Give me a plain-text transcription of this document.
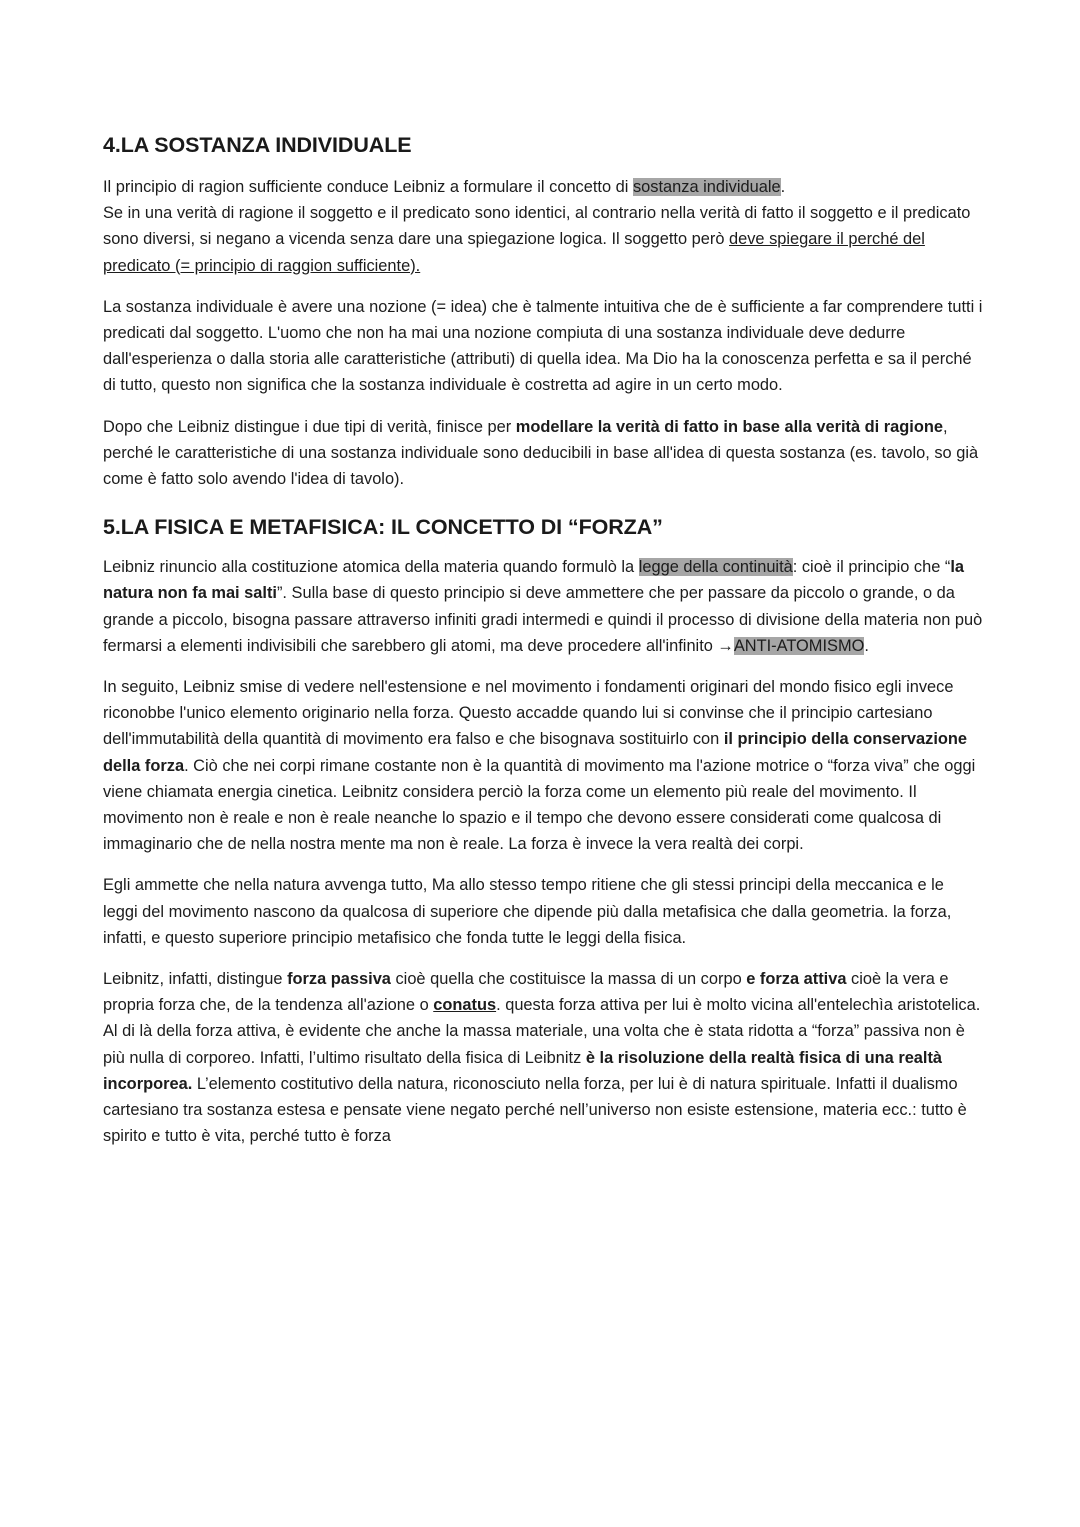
4.LA SOSTANZA INDIVIDUALE

Il principio di ragion sufficiente conduce Leibniz a formulare il concetto di sostanza individuale.

Se in una verità di ragione il soggetto e il predicato sono identici, al contrario nella verità di fatto il soggetto e il predicato sono diversi, si negano a vicenda senza dare una spiegazione logica. Il soggetto però deve spiegare il perché del predicato (= principio di raggion sufficiente).

La sostanza individuale è avere una nozione (= idea) che è talmente intuitiva che de è sufficiente a far comprendere tutti i predicati dal soggetto. L'uomo che non ha mai una nozione compiuta di una sostanza individuale deve dedurre dall'esperienza o dalla storia alle caratteristiche (attributi) di quella idea. Ma Dio ha la conoscenza perfetta e sa il perché di tutto, questo non significa che la sostanza individuale è costretta ad agire in un certo modo.

Dopo che Leibniz distingue i due tipi di verità, finisce per modellare la verità di fatto in base alla verità di ragione, perché le caratteristiche di una sostanza individuale sono deducibili in base all'idea di questa sostanza (es. tavolo, so già come è fatto solo avendo l'idea di tavolo).

5.LA FISICA E METAFISICA: IL CONCETTO DI “FORZA”

Leibniz rinuncio alla costituzione atomica della materia quando formulò la legge della continuità: cioè il principio che “la natura non fa mai salti”. Sulla base di questo principio si deve ammettere che per passare da piccolo o grande, o da grande a piccolo, bisogna passare attraverso infiniti gradi intermedi e quindi il processo di divisione della materia non può fermarsi a elementi indivisibili che sarebbero gli atomi, ma deve procedere all'infinito →ANTI-ATOMISMO.

In seguito, Leibniz smise di vedere nell'estensione e nel movimento i fondamenti originari del mondo fisico egli invece riconobbe l'unico elemento originario nella forza. Questo accadde quando lui si convinse che il principio cartesiano dell'immutabilità della quantità di movimento era falso e che bisognava sostituirlo con il principio della conservazione della forza. Ciò che nei corpi rimane costante non è la quantità di movimento ma l'azione motrice o “forza viva” che oggi viene chiamata energia cinetica. Leibnitz considera perciò la forza come un elemento più reale del movimento. Il movimento non è reale e non è reale neanche lo spazio e il tempo che devono essere considerati come qualcosa di immaginario che de nella nostra mente ma non è reale. La forza è invece la vera realtà dei corpi.

Egli ammette che nella natura avvenga tutto, Ma allo stesso tempo ritiene che gli stessi principi della meccanica e le leggi del movimento nascono da qualcosa di superiore che dipende più dalla metafisica che dalla geometria. la forza, infatti, e questo superiore principio metafisico che fonda tutte le leggi della fisica.

Leibnitz, infatti, distingue forza passiva cioè quella che costituisce la massa di un corpo e forza attiva cioè la vera e propria forza che, de la tendenza all'azione o conatus. questa forza attiva per lui è molto vicina all'entelechìa aristotelica. Al di là della forza attiva, è evidente che anche la massa materiale, una volta che è stata ridotta a “forza” passiva non è più nulla di corporeo. Infatti, l’ultimo risultato della fisica di Leibnitz è la risoluzione della realtà fisica di una realtà incorporea. L’elemento costitutivo della natura, riconosciuto nella forza, per lui è di natura spirituale. Infatti il dualismo cartesiano tra sostanza estesa e pensate viene negato perché nell’universo non esiste estensione, materia ecc.: tutto è spirito e tutto è vita, perché tutto è forza
